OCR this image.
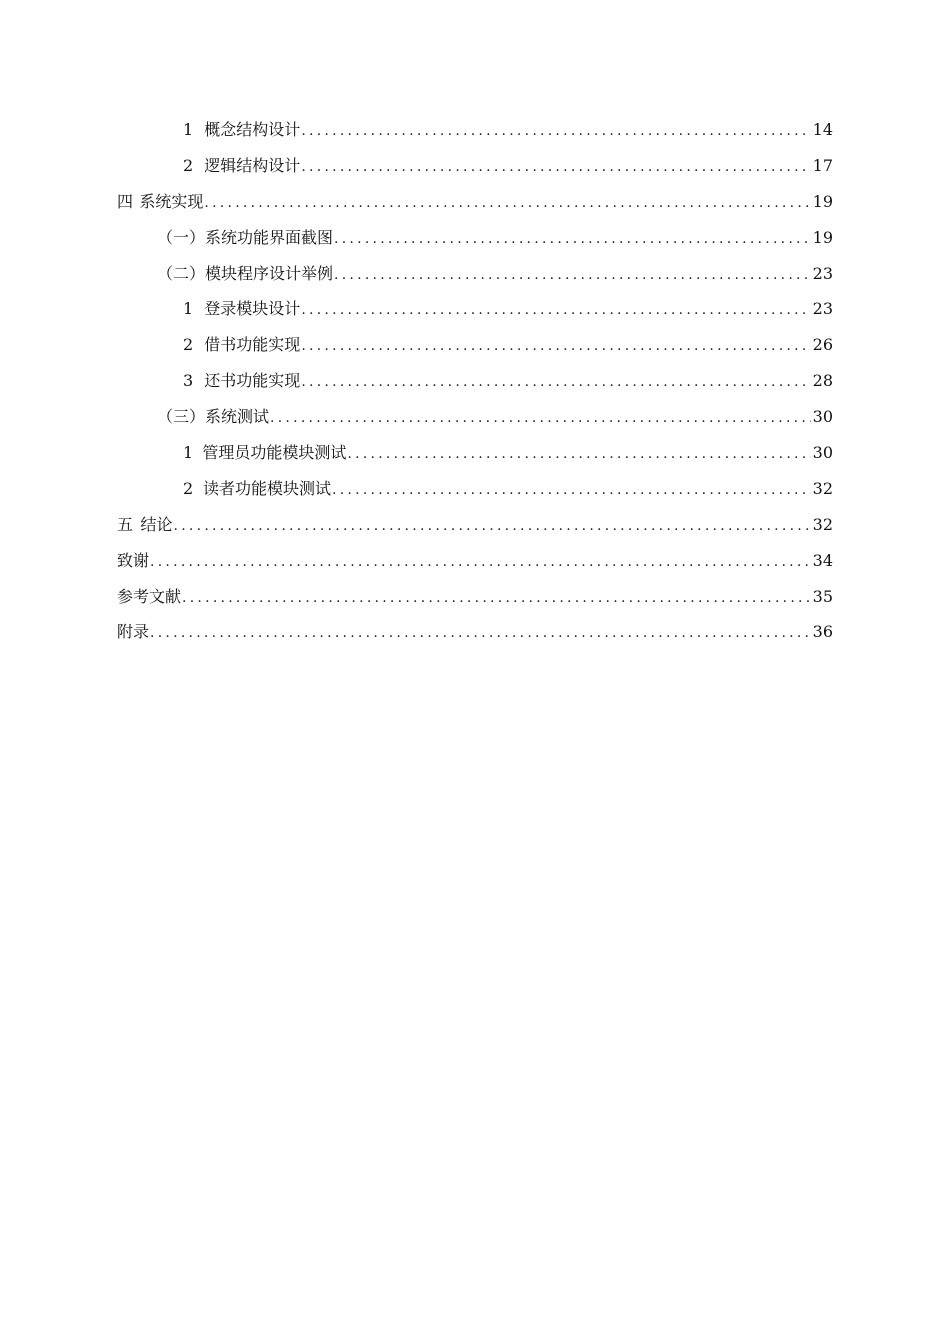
1 概念结构设计 . . .	14
2 逻辑结构设计 . . .	17
四 系统实现 . . .	19
（一） 系统功能界面截图 . . .	19
（二） 模块程序设计举例 . . .	23
1 登录模块设计 . . .	23
2 借书功能实现 . . .	26
3 还书功能实现 . . .	28
（三） 系统测试 . . .	30
1 管理员功能模块测试 . . .	30
2 读者功能模块测试 . . .	32
五 结论 . . .	32
致谢 . . .	34
参考文献 . . .	35
附录 . . .	36
